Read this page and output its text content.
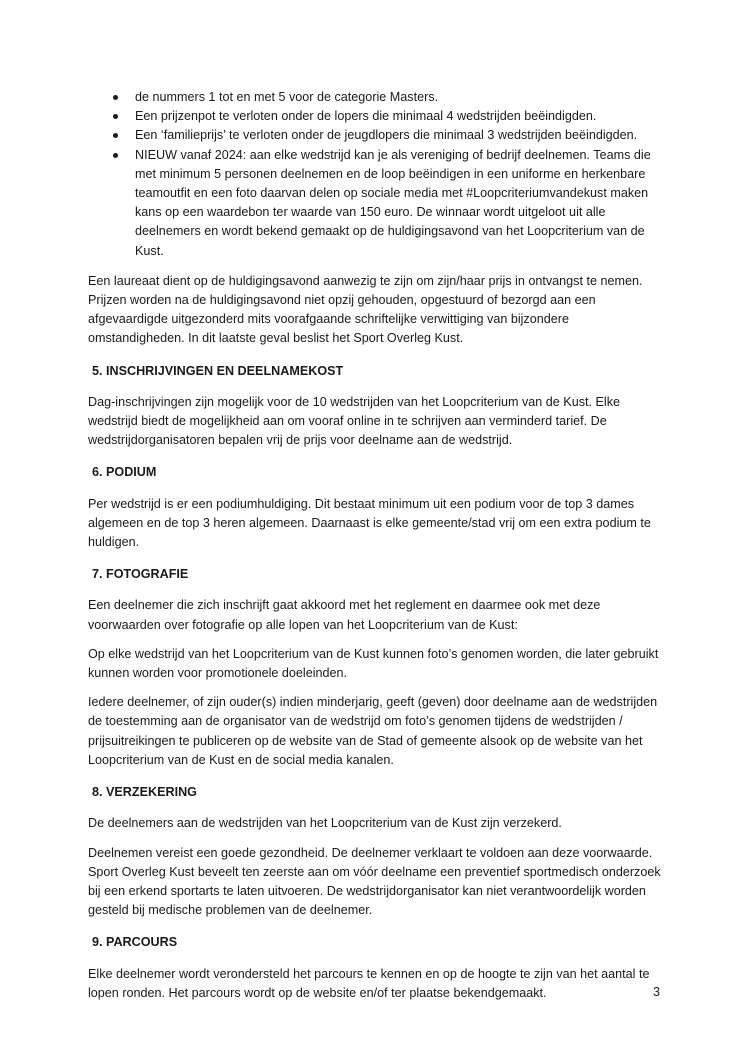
de nummers 1 tot en met 5 voor de categorie Masters.
Een prijzenpot te verloten onder de lopers die minimaal 4 wedstrijden beëindigden.
Een ‘familieprijs’ te verloten onder de jeugdlopers die minimaal 3 wedstrijden beëindigden.
NIEUW vanaf 2024: aan elke wedstrijd kan je als vereniging of bedrijf deelnemen. Teams die met minimum 5 personen deelnemen en de loop beëindigen in een uniforme en herkenbare teamoutfit en een foto daarvan delen op sociale media met #Loopcriteriumvandekust maken kans op een waardebon ter waarde van 150 euro. De winnaar wordt uitgeloot uit alle deelnemers en wordt bekend gemaakt op de huldigingsavond van het Loopcriterium van de Kust.

Een laureaat dient op de huldigingsavond aanwezig te zijn om zijn/haar prijs in ontvangst te nemen. Prijzen worden na de huldigingsavond niet opzij gehouden, opgestuurd of bezorgd aan een afgevaardigde uitgezonderd mits voorafgaande schriftelijke verwittiging van bijzondere omstandigheden. In dit laatste geval beslist het Sport Overleg Kust.

5. INSCHRIJVINGEN EN DEELNAMEKOST

Dag-inschrijvingen zijn mogelijk voor de 10 wedstrijden van het Loopcriterium van de Kust. Elke wedstrijd biedt de mogelijkheid aan om vooraf online in te schrijven aan verminderd tarief. De wedstrijdorganisatoren bepalen vrij de prijs voor deelname aan de wedstrijd.

6. PODIUM

Per wedstrijd is er een podiumhuldiging. Dit bestaat minimum uit een podium voor de top 3 dames algemeen en de top 3 heren algemeen. Daarnaast is elke gemeente/stad vrij om een extra podium te huldigen.

7. FOTOGRAFIE

Een deelnemer die zich inschrijft gaat akkoord met het reglement en daarmee ook met deze voorwaarden over fotografie op alle lopen van het Loopcriterium van de Kust:

Op elke wedstrijd van het Loopcriterium van de Kust kunnen foto’s genomen worden, die later gebruikt kunnen worden voor promotionele doeleinden.

Iedere deelnemer, of zijn ouder(s) indien minderjarig, geeft (geven) door deelname aan de wedstrijden de toestemming aan de organisator van de wedstrijd om foto’s genomen tijdens de wedstrijden / prijsuitreikingen te publiceren op de website van de Stad of gemeente alsook op de website van het Loopcriterium van de Kust en de social media kanalen.

8. VERZEKERING

De deelnemers aan de wedstrijden van het Loopcriterium van de Kust zijn verzekerd.

Deelnemen vereist een goede gezondheid. De deelnemer verklaart te voldoen aan deze voorwaarde. Sport Overleg Kust beveelt ten zeerste aan om vóór deelname een preventief sportmedisch onderzoek bij een erkend sportarts te laten uitvoeren. De wedstrijdorganisator kan niet verantwoordelijk worden gesteld bij medische problemen van de deelnemer.

9. PARCOURS

Elke deelnemer wordt verondersteld het parcours te kennen en op de hoogte te zijn van het aantal te lopen ronden. Het parcours wordt op de website en/of ter plaatse bekendgemaakt.	3
